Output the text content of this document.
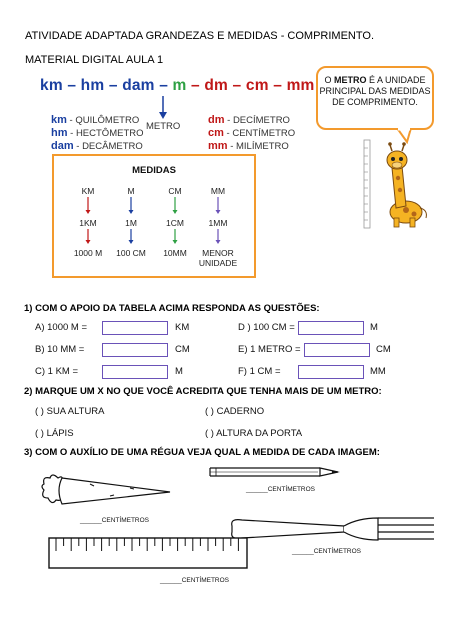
ATIVIDADE ADAPTADA GRANDEZAS E MEDIDAS - COMPRIMENTO.
MATERIAL DIGITAL AULA 1
km – hm – dam – m – dm – cm – mm
METRO
km - QUILÔMETRO
hm - HECTÔMETRO
dam - DECÂMETRO
dm - DECÍMETRO
cm - CENTÍMETRO
mm - MILÍMETRO
O METRO É A UNIDADE PRINCIPAL DAS MEDIDAS DE COMPRIMENTO.
MEDIDAS
KM	M	CM	MM
1KM	1M	1CM	1MM
1000 M	100 CM	10MM	MENOR UNIDADE
1) COM O APOIO DA TABELA ACIMA RESPONDA AS QUESTÕES:
A) 1000 M =	KM
B) 10 MM =	CM
C) 1 KM =	M
D ) 100 CM =	M
E) 1 METRO =	CM
F) 1 CM =	MM
2) MARQUE UM X NO QUE VOCÊ ACREDITA QUE TENHA MAIS DE UM METRO:
( ) SUA ALTURA	( ) CADERNO
( ) LÁPIS	( ) ALTURA DA PORTA
3) COM O AUXÍLIO DE UMA RÉGUA VEJA QUAL A MEDIDA DE CADA IMAGEM:
______CENTÍMETROS
______CENTÍMETROS
______CENTÍMETROS
______CENTÍMETROS
